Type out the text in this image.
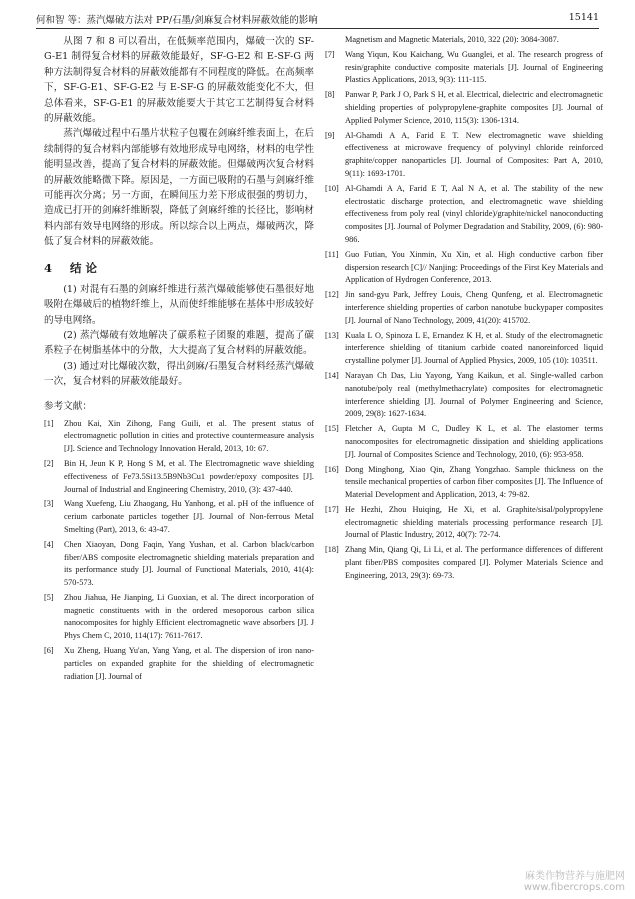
何和智 等：蒸汽爆破方法对 PP/石墨/剑麻复合材料屏蔽效能的影响	15141

从图 7 和 8 可以看出，在低频率范围内，爆破一次的 SF-G-E1 制得复合材料的屏蔽效能最好，SF-G-E2 和 E-SF-G 两种方法制得复合材料的屏蔽效能都有不同程度的降低。在高频率下，SF-G-E1、SF-G-E2 与 E-SF-G 的屏蔽效能变化不大，但总体看来，SF-G-E1 的屏蔽效能要大于其它工艺制得复合材料的屏蔽效能。

蒸汽爆破过程中石墨片状粒子包覆在剑麻纤维表面上，在后续制得的复合材料内部能够有效地形成导电网络，材料的电学性能明显改善，提高了复合材料的屏蔽效能。但爆破两次复合材料的屏蔽效能略微下降。原因是，一方面已吸附的石墨与剑麻纤维可能再次分离；另一方面，在瞬间压力差下形成很强的剪切力，造成已打开的剑麻纤维断裂，降低了剑麻纤维的长径比，影响材料内部有效导电网络的形成。所以综合以上两点，爆破两次，降低了复合材料的屏蔽效能。

4 结 论

(1) 对混有石墨的剑麻纤维进行蒸汽爆破能够使石墨很好地吸附在爆破后的植物纤维上，从而使纤维能够在基体中形成较好的导电网络。

(2) 蒸汽爆破有效地解决了碳系粒子团聚的难题，提高了碳系粒子在树脂基体中的分散，大大提高了复合材料的屏蔽效能。

(3) 通过对比爆破次数，得出剑麻/石墨复合材料经蒸汽爆破一次，复合材料的屏蔽效能最好。

参考文献：
[1]	Zhou Kai, Xin Zihong, Fang Guili, et al. The present status of electromagnetic pollution in cities and protective countermeasure analysis [J]. Science and Technology Innovation Herald, 2013, 10: 67.
[2]	Bin H, Jeun K P, Hong S M, et al. The Electromagnetic wave shielding effectiveness of Fe73.5Si13.5B9Nb3Cu1 powder/epoxy composites [J]. Journal of Industrial and Engineering Chemistry, 2010, (3): 437-440.
[3]	Wang Xuefeng, Liu Zhaogang, Hu Yanhong, et al. pH of the influence of cerium carbonate particles together [J]. Journal of Non-ferrous Metal Smelting (Part), 2013, 6: 43-47.
[4]	Chen Xiaoyan, Dong Faqin, Yang Yushan, et al. Carbon black/carbon fiber/ABS composite electromagnetic shielding materials preparation and its performance study [J]. Journal of Functional Materials, 2010, 41(4): 570-573.
[5]	Zhou Jiahua, He Jianping, Li Guoxian, et al. The direct incorporation of magnetic constituents with in the ordered mesoporous carbon silica nanocomposites for highly Efficient electromagnetic wave absorbers [J]. J Phys Chem C, 2010, 114(17): 7611-7617.
[6]	Xu Zheng, Huang Yu'an, Yang Yang, et al. The dispersion of iron nano-particles on expanded graphite for the shielding of electromagnetic radiation [J]. Journal of
Magnetism and Magnetic Materials, 2010, 322 (20): 3084-3087.
[7]	Wang Yiqun, Kou Kaichang, Wu Guanglei, et al. The research progress of resin/graphite conductive composite materials [J]. Journal of Engineering Plastics Applications, 2013, 9(3): 111-115.
[8]	Panwar P, Park J O, Park S H, et al. Electrical, dielectric and electromagnetic shielding properties of polypropylene-graphite composites [J]. Journal of Applied Polymer Science, 2010, 115(3): 1306-1314.
[9]	Al-Ghamdi A A, Farid E T. New electromagnetic wave shielding effectiveness at microwave frequency of polyvinyl chloride reinforced graphite/copper nanoparticles [J]. Journal of Composites: Part A, 2010, 9(11): 1693-1701.
[10] Al-Ghamdi A A, Farid E T, Aal N A, et al. The stability of the new electrostatic discharge protection, and electromagnetic wave shielding effectiveness from poly real (vinyl chloride)/graphite/nickel nanoconducting composites [J]. Journal of Polymer Degradation and Stability, 2009, (6): 980-986.
[11] Guo Futian, You Xinmin, Xu Xin, et al. High conductive carbon fiber dispersion research [C]// Nanjing: Proceedings of the First Key Materials and Application of Hydrogen Conference, 2013.
[12] Jin sand-gyu Park, Jeffrey Louis, Cheng Qunfeng, et al. Electromagnetic interference shielding properties of carbon nanotube buckypaper composites [J]. Journal of Nano Technology, 2009, 41(20): 415702.
[13] Kuala L O, Spinoza L E, Ernandez K H, et al. Study of the electromagnetic interference shielding of titanium carbide coated nanoreinforced liquid crystalline polymer [J]. Journal of Applied Physics, 2009, 105 (10): 103511.
[14] Narayan Ch Das, Liu Yayong, Yang Kaikun, et al. Single-walled carbon nanotube/poly real (methylmethacrylate) composites for electromagnetic interference shielding [J]. Journal of Polymer Engineering and Science, 2009, 29(8): 1627-1634.
[15] Fletcher A, Gupta M C, Dudley K L, et al. The elastomer terms nanocomposites for electromagnetic dissipation and shielding applications [J]. Journal of Composites Science and Technology, 2010, (6): 953-958.
[16] Dong Minghong, Xiao Qin, Zhang Yongzhao. Sample thickness on the tensile mechanical properties of carbon fiber composites [J]. The Influence of Material Development and Application, 2013, 4: 79-82.
[17] He Hezhi, Zhou Huiqing, He Xi, et al. Graphite/sisal/polypropylene electromagnetic shielding materials processing performance research [J]. Journal of Plastic Industry, 2012, 40(7): 72-74.
[18] Zhang Min, Qiang Qi, Li Li, et al. The performance differences of different plant fiber/PBS composites compared [J]. Polymer Materials Science and Engineering, 2013, 29(3): 69-73.
麻类作物营养与施肥网
www.fibercrops.com
